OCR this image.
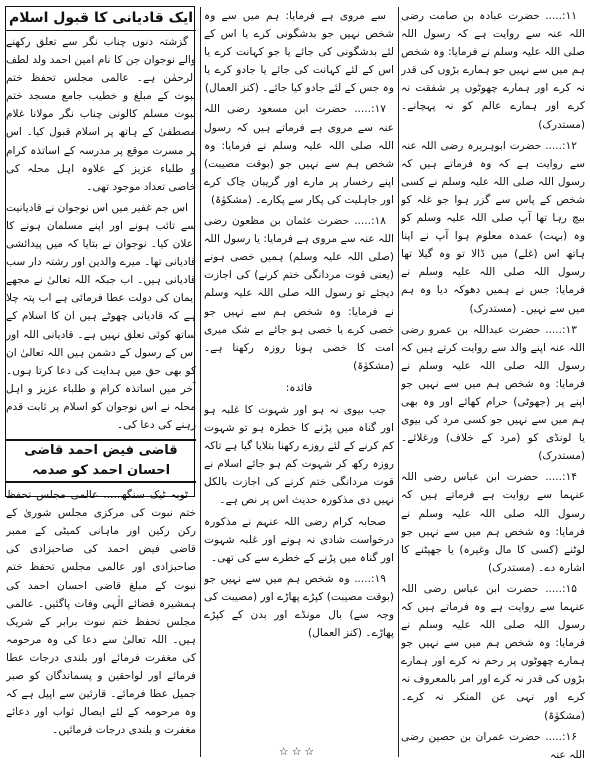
۱۱:..... حضرت عبادہ بن صامت رضی اللہ عنہ سے روایت ہے کہ رسول اللہ صلی اللہ علیہ وسلم نے فرمایا: وہ شخص ہم میں سے نہیں جو ہمارے بڑوں کی قدر نہ کرے اور ہمارے چھوٹوں پر شفقت نہ کرے اور ہمارے عالم کو نہ پہچانے۔ (مستدرک)

۱۲:..... حضرت ابوہریرہ رضی اللہ عنہ سے روایت ہے کہ وہ فرماتے ہیں کہ رسول اللہ صلی اللہ علیہ وسلم نے کسی شخص کے پاس سے گزر ہوا جو غلہ کو بیچ رہا تھا آپ صلی اللہ علیہ وسلم کو وہ (بہت) عمدہ معلوم ہوا آپ نے اپنا ہاتھ اس (غلے) میں ڈالا تو وہ گیلا تھا رسول اللہ صلی اللہ علیہ وسلم نے فرمایا: جس نے ہمیں دھوکہ دیا وہ ہم میں سے نہیں۔ (مستدرک)

۱۳:..... حضرت عبداللہ بن عمرو رضی اللہ عنہ اپنے والد سے روایت کرتے ہیں کہ رسول اللہ صلی اللہ علیہ وسلم نے فرمایا: وہ شخص ہم میں سے نہیں جو اپنے پر (جھوٹی) حرام کھائے اور وہ بھی ہم میں سے نہیں جو کسی مرد کی بیوی یا لونڈی کو (مرد کے خلاف) ورغلائے۔ (مستدرک)

۱۴:..... حضرت ابن عباس رضی اللہ عنہما سے روایت ہے فرماتے ہیں کہ رسول اللہ صلی اللہ علیہ وسلم نے فرمایا: وہ شخص ہم میں سے نہیں جو لوٹنے (کسی کا مال وغیرہ) یا جھپٹنے کا اشارہ دے۔ (مستدرک)

۱۵:..... حضرت ابن عباس رضی اللہ عنہما سے روایت ہے وہ فرماتے ہیں کہ رسول اللہ صلی اللہ علیہ وسلم نے فرمایا: وہ شخص ہم میں سے نہیں جو ہمارے چھوٹوں پر رحم نہ کرے اور ہمارے بڑوں کی قدر نہ کرے اور امر بالمعروف نہ کرے اور نہی عن المنکر نہ کرے۔ (مشکوٰۃ)

۱۶:..... حضرت عمران بن حصین رضی اللہ عنہ

سے مروی ہے فرمایا: ہم میں سے وہ شخص نہیں جو بدشگونی کرے یا اس کے لئے بدشگونی کی جائے یا جو کہانت کرے یا اس کے لئے کہانت کی جائے یا جادو کرے یا وہ جس کے لئے جادو کیا جائے۔ (کنز العمال)

۱۷:..... حضرت ابن مسعود رضی اللہ عنہ سے مروی ہے فرماتے ہیں کہ رسول اللہ صلی اللہ علیہ وسلم نے فرمایا: وہ شخص ہم سے نہیں جو (بوقت مصیبت) اپنے رخسار پر مارے اور گریبان چاک کرے اور جاہلیت کی پکار سے پکارے۔ (مشکوٰۃ)

۱۸:..... حضرت عثمان بن مظعون رضی اللہ عنہ سے مروی ہے فرمایا: یا رسول اللہ (صلی اللہ علیہ وسلم) ہمیں خصی ہونے (یعنی قوت مردانگی ختم کرنے) کی اجازت دیجئے تو رسول اللہ صلی اللہ علیہ وسلم نے فرمایا: وہ شخص ہم سے نہیں جو خصی کرے یا خصی ہو جائے بے شک میری امت کا خصی ہونا روزہ رکھنا ہے۔ (مشکوٰۃ)

فائدہ:

جب بیوی نہ ہو اور شہوت کا غلبہ ہو اور گناہ میں پڑنے کا خطرہ ہو تو شہوت کم کرنے کے لئے روزے رکھنا بتلایا گیا ہے تاکہ روزہ رکھ کر شہوت کم ہو جائے اسلام نے قوت مردانگی ختم کرنے کی اجازت بالکل نہیں دی مذکورہ حدیث اس پر نص ہے۔

صحابہ کرام رضی اللہ عنہم نے مذکورہ درخواست شادی نہ ہونے اور غلبہ شہوت اور گناہ میں پڑنے کے خطرے سے کی تھی۔

۱۹:..... وہ شخص ہم میں سے نہیں جو (بوقت مصیبت) کپڑے پھاڑے اور (مصیبت کی وجہ سے) بال مونڈے اور بدن کے کپڑے پھاڑے۔ (کنز العمال)

☆☆☆
ایک قادیانی کا قبول اسلام

گزشتہ دنوں چناب نگر سے تعلق رکھنے والے نوجوان جن کا نام امین احمد ولد لطف الرحمٰن ہے۔ عالمی مجلس تحفظ ختم نبوت کے مبلغ و خطیب جامع مسجد ختم نبوت مسلم کالونی چناب نگر مولانا غلام مصطفیٰ کے ہاتھ پر اسلام قبول کیا۔ اس پر مسرت موقع پر مدرسہ کے اساتذہ کرام و طلباء عزیز کے علاوہ اہل محلہ کی خاصی تعداد موجود تھی۔

اس جم غفیر میں اس نوجوان نے قادیانیت سے تائب ہونے اور اپنے مسلمان ہونے کا اعلان کیا۔ نوجوان نے بتایا کہ میں پیدائشی قادیانی تھا۔ میرے والدین اور رشتہ دار سب قادیانی ہیں۔ اب جبکہ اللہ تعالیٰ نے مجھے ایمان کی دولت عطا فرمائی ہے اب پتہ چلا ہے کہ قادیانی چھوٹے ہیں ان کا اسلام کے ساتھ کوئی تعلق نہیں ہے۔ قادیانی اللہ اور اس کے رسول کے دشمن ہیں اللہ تعالیٰ ان کو بھی حق میں ہدایت کی دعا کرتا ہوں۔ آخر میں اساتذہ کرام و طلباء عزیز و اہل محلہ نے اس نوجوان کو اسلام پر ثابت قدم رہنے کی دعا کی۔

قاضی فیض احمد قاضی احسان احمد کو صدمہ

ٹوبہ ٹیک سنگھ..... عالمی مجلس تحفظ ختم نبوت کی مرکزی مجلس شوریٰ کے رکن رکین اور ماہانی کمیٹی کے ممبر قاضی فیض احمد کی صاحبزادی کی صاحبزادی اور عالمی مجلس تحفظ ختم نبوت کے مبلغ قاضی احسان احمد کی ہمشیرہ قضائے الٰہی وفات پاگئیں۔ عالمی مجلس تحفظ ختم نبوت برابر کے شریک ہیں۔ اللہ تعالیٰ سے دعا کی وہ مرحومہ کی مغفرت فرمائے اور بلندی درجات عطا فرمائے اور لواحقین و پسماندگان کو صبر جمیل عطا فرمائے۔ قارئین سے اپیل ہے کہ وہ مرحومہ کے لئے ایصال ثواب اور دعائے مغفرت و بلندی درجات فرمائیں۔
